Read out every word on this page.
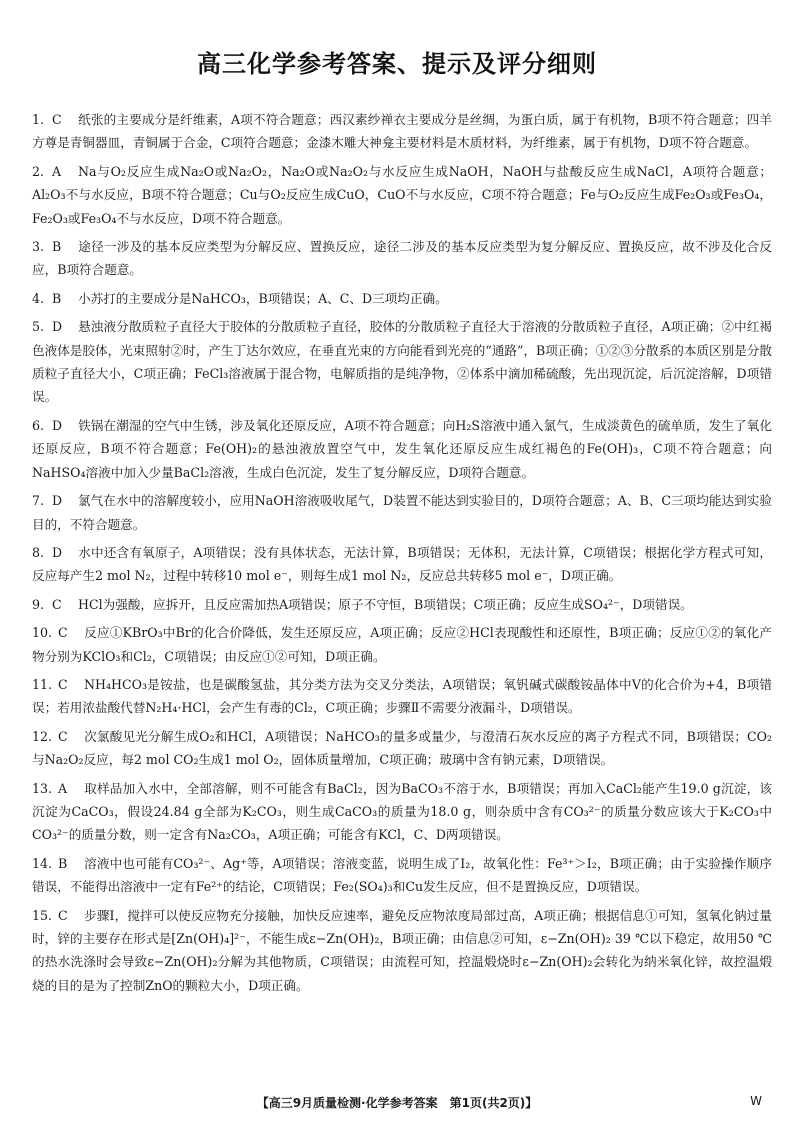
高三化学参考答案、提示及评分细则
1. C 纸张的主要成分是纤维素，A项不符合题意；西汉素纱禅衣主要成分是丝绸，为蛋白质，属于有机物，B项不符合题意；四羊方尊是青铜器皿，青铜属于合金，C项符合题意；金漆木雕大神龛主要材料是木质材料，为纤维素，属于有机物，D项不符合题意。
2. A Na与O₂反应生成Na₂O或Na₂O₂，Na₂O或Na₂O₂与水反应生成NaOH，NaOH与盐酸反应生成NaCl，A项符合题意；Al₂O₃不与水反应，B项不符合题意；Cu与O₂反应生成CuO，CuO不与水反应，C项不符合题意；Fe与O₂反应生成Fe₂O₃或Fe₃O₄，Fe₂O₃或Fe₃O₄不与水反应，D项不符合题意。
3. B 途径一涉及的基本反应类型为分解反应、置换反应，途径二涉及的基本反应类型为复分解反应、置换反应，故不涉及化合反应，B项符合题意。
4. B 小苏打的主要成分是NaHCO₃，B项错误；A、C、D三项均正确。
5. D 悬浊液分散质粒子直径大于胶体的分散质粒子直径，胶体的分散质粒子直径大于溶液的分散质粒子直径，A项正确；②中红褐色液体是胶体，光束照射②时，产生丁达尔效应，在垂直光束的方向能看到光亮的“通路”，B项正确；①②③分散系的本质区别是分散质粒子直径大小，C项正确；FeCl₃溶液属于混合物，电解质指的是纯净物，②体系中滴加稀硫酸，先出现沉淀，后沉淀溶解，D项错误。
6. D 铁锅在潮湿的空气中生锈，涉及氧化还原反应，A项不符合题意；向H₂S溶液中通入氯气，生成淡黄色的硫单质，发生了氧化还原反应，B项不符合题意；Fe(OH)₂的悬浊液放置空气中，发生氧化还原反应生成红褐色的Fe(OH)₃，C项不符合题意；向NaHSO₄溶液中加入少量BaCl₂溶液，生成白色沉淀，发生了复分解反应，D项符合题意。
7. D 氯气在水中的溶解度较小，应用NaOH溶液吸收尾气，D装置不能达到实验目的，D项符合题意；A、B、C三项均能达到实验目的，不符合题意。
8. D 水中还含有氧原子，A项错误；没有具体状态，无法计算，B项错误；无体积，无法计算，C项错误；根据化学方程式可知，反应每产生2 mol N₂，过程中转移10 mol e⁻，则每生成1 mol N₂，反应总共转移5 mol e⁻，D项正确。
9. C HCl为强酸，应拆开，且反应需加热A项错误；原子不守恒，B项错误；C项正确；反应生成SO₄²⁻，D项错误。
10. C 反应①KBrO₃中Br的化合价降低，发生还原反应，A项正确；反应②HCl表现酸性和还原性，B项正确；反应①②的氧化产物分别为KClO₃和Cl₂，C项错误；由反应①②可知，D项正确。
11. C NH₄HCO₃是铵盐，也是碳酸氢盐，其分类方法为交叉分类法，A项错误；氧钒碱式碳酸铵晶体中V的化合价为+4，B项错误；若用浓盐酸代替N₂H₄·HCl，会产生有毒的Cl₂，C项正确；步骤Ⅱ不需要分液漏斗，D项错误。
12. C 次氯酸见光分解生成O₂和HCl，A项错误；NaHCO₃的量多或量少，与澄清石灰水反应的离子方程式不同，B项错误；CO₂与Na₂O₂反应，每2 mol CO₂生成1 mol O₂，固体质量增加，C项正确；玻璃中含有钠元素，D项错误。
13. A 取样品加入水中，全部溶解，则不可能含有BaCl₂，因为BaCO₃不溶于水，B项错误；再加入CaCl₂能产生19.0 g沉淀，该沉淀为CaCO₃，假设24.84 g全部为K₂CO₃，则生成CaCO₃的质量为18.0 g，则杂质中含有CO₃²⁻的质量分数应该大于K₂CO₃中CO₃²⁻的质量分数，则一定含有Na₂CO₃，A项正确；可能含有KCl，C、D两项错误。
14. B 溶液中也可能有CO₃²⁻、Ag⁺等，A项错误；溶液变蓝，说明生成了I₂，故氧化性：Fe³⁺＞I₂，B项正确；由于实验操作顺序错误，不能得出溶液中一定有Fe²⁺的结论，C项错误；Fe₂(SO₄)₃和Cu发生反应，但不是置换反应，D项错误。
15. C 步骤Ⅰ，搅拌可以使反应物充分接触，加快反应速率，避免反应物浓度局部过高，A项正确；根据信息①可知，氢氧化钠过量时，锌的主要存在形式是[Zn(OH)₄]²⁻，不能生成ε−Zn(OH)₂，B项正确；由信息②可知，ε−Zn(OH)₂ 39 ℃以下稳定，故用50 ℃的热水洗涤时会导致ε−Zn(OH)₂分解为其他物质，C项错误；由流程可知，控温煅烧时ε−Zn(OH)₂会转化为纳米氧化锌，故控温煅烧的目的是为了控制ZnO的颗粒大小，D项正确。
【高三9月质量检测·化学参考答案　第1页(共2页)】	W
